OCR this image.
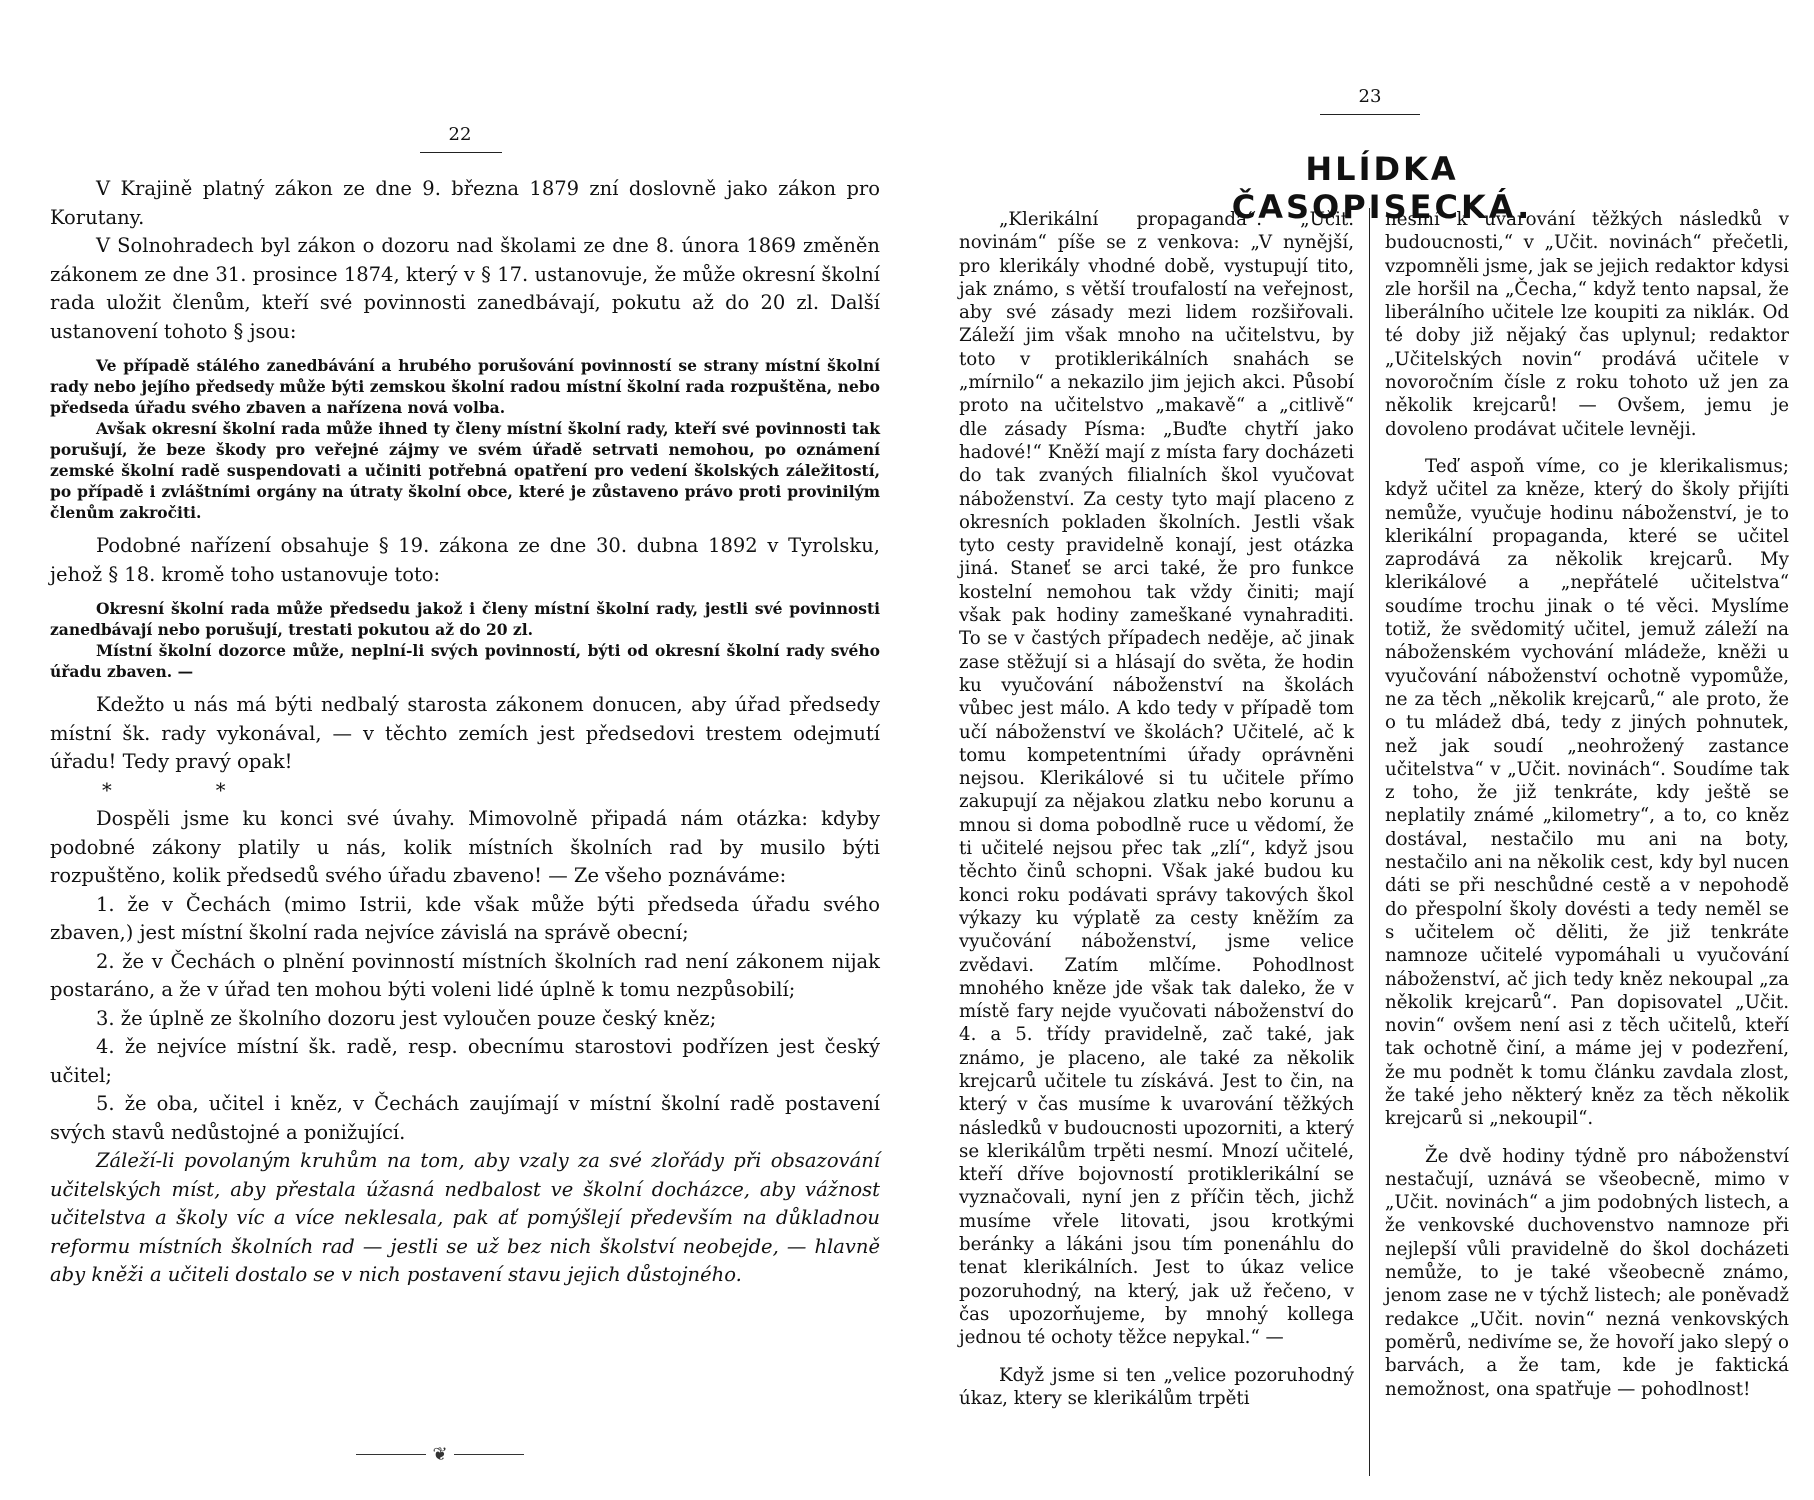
22

V Krajině platný zákon ze dne 9. března 1879 zní doslovně jako zákon pro Korutany.

V Solnohradech byl zákon o dozoru nad školami ze dne 8. února 1869 změněn zákonem ze dne 31. prosince 1874, který v § 17. ustanovuje, že může okresní školní rada uložit členům, kteří své povinnosti zanedbávají, pokutu až do 20 zl. Další ustanovení tohoto § jsou:

Ve případě stálého zanedbávání a hrubého porušování povinností se strany místní školní rady nebo jejího předsedy může býti zemskou školní radou místní školní rada rozpuštěna, nebo předseda úřadu svého zbaven a nařízena nová volba.

Avšak okresní školní rada může ihned ty členy místní školní rady, kteří své povinnosti tak porušují, že beze škody pro veřejné zájmy ve svém úřadě setrvati nemohou, po oznámení zemské školní radě suspendovati a učiniti potřebná opatření pro vedení školských záležitostí, po případě i zvláštními orgány na útraty školní obce, které je zůstaveno právo proti provinilým členům zakročiti.

Podobné nařízení obsahuje § 19. zákona ze dne 30. dubna 1892 v Tyrolsku, jehož § 18. kromě toho ustanovuje toto:

Okresní školní rada může předsedu jakož i členy místní školní rady, jestli své povinnosti zanedbávají nebo porušují, trestati pokutou až do 20 zl.

Místní školní dozorce může, neplní-li svých povinností, býti od okresní školní rady svého úřadu zbaven. —

Kdežto u nás má býti nedbalý starosta zákonem donucen, aby úřad předsedy místní šk. rady vykonával, — v těchto zemích jest předsedovi trestem odejmutí úřadu! Tedy pravý opak!

*	*

Dospěli jsme ku konci své úvahy. Mimovolně připadá nám otázka: kdyby podobné zákony platily u nás, kolik místních školních rad by musilo býti rozpuštěno, kolik předsedů svého úřadu zbaveno! — Ze všeho poznáváme:

1. že v Čechách (mimo Istrii, kde však může býti předseda úřadu svého zbaven,) jest místní školní rada nejvíce závislá na správě obecní;

2. že v Čechách o plnění povinností místních školních rad není zákonem nijak postaráno, a že v úřad ten mohou býti voleni lidé úplně k tomu nezpůsobilí;

3. že úplně ze školního dozoru jest vyloučen pouze český kněz;

4. že nejvíce místní šk. radě, resp. obecnímu starostovi podřízen jest český učitel;

5. že oba, učitel i kněz, v Čechách zaujímají v místní školní radě postavení svých stavů nedůstojné a ponižující.

Záleží-li povolaným kruhům na tom, aby vzaly za své zlořády při obsazování učitelských míst, aby přestala úžasná nedbalost ve školní docházce, aby vážnost učitelstva a školy víc a více neklesala, pak ať pomýšlejí především na důkladnou reformu místních školních rad — jestli se už bez nich školství neobejde, — hlavně aby kněži a učiteli dostalo se v nich postavení stavu jejich důstojného.

❦
23
HLÍDKA ČASOPISECKÁ.

„Klerikální propaganda“. „Učit. novinám“ píše se z venkova: „V nynější, pro klerikály vhodné době, vystupují tito, jak známo, s větší troufalostí na veřejnost, aby své zásady mezi lidem rozšiřovali. Záleží jim však mnoho na učitelstvu, by toto v protiklerikálních snahách se „mírnilo“ a nekazilo jim jejich akci. Působí proto na učitelstvo „makavě“ a „citlivě“ dle zásady Písma: „Buďte chytří jako hadové!“ Kněží mají z místa fary docházeti do tak zvaných filialních škol vyučovat náboženství. Za cesty tyto mají placeno z okresních pokladen školních. Jestli však tyto cesty pravidelně konají, jest otázka jiná. Staneť se arci také, že pro funkce kostelní nemohou tak vždy činiti; mají však pak hodiny zameškané vynahraditi. To se v častých případech neděje, ač jinak zase stěžují si a hlásají do světa, že hodin ku vyučování náboženství na školách vůbec jest málo. A kdo tedy v případě tom učí náboženství ve školách? Učitelé, ač k tomu kompetentními úřady oprávněni nejsou. Klerikálové si tu učitele přímo zakupují za nějakou zlatku nebo korunu a mnou si doma pobodlně ruce u vědomí, že ti učitelé nejsou přec tak „zlí“, když jsou těchto činů schopni. Však jaké budou ku konci roku podávati správy takových škol výkazy ku výplatě za cesty kněžím za vyučování náboženství, jsme velice zvědavi. Zatím mlčíme. Pohodlnost mnohého kněze jde však tak daleko, že v místě fary nejde vyučovati náboženství do 4. a 5. třídy pravidelně, zač také, jak známo, je placeno, ale také za několik krejcarů učitele tu získává. Jest to čin, na který v čas musíme k uvarování těžkých následků v budoucnosti upozorniti, a který se klerikálům trpěti nesmí. Mnozí učitelé, kteří dříve bojovností protiklerikální se vyznačovali, nyní jen z příčin těch, jichž musíme vřele litovati, jsou krotkými beránky a lákáni jsou tím ponenáhlu do tenat klerikálních. Jest to úkaz velice pozoruhodný, na který, jak už řečeno, v čas upozorňujeme, by mnohý kollega jednou té ochoty těžce nepykal.“ —

Když jsme si ten „velice pozoruhodný úkaz, ktery se klerikálům trpěti

nesmí k uvarování těžkých následků v budoucnosti,“ v „Učit. novinách“ přečetli, vzpomněli jsme, jak se jejich redaktor kdysi zle horšil na „Čecha,“ když tento napsal, že liberálního učitele lze koupiti za nikláк. Od té doby již nějaký čas uplynul; redaktor „Učitelských novin“ prodává učitele v novoročním čísle z roku tohoto už jen za několik krejcarů! — Ovšem, jemu je dovoleno prodávat učitele levněji.

Teď aspoň víme, co je klerikalismus; když učitel za kněze, který do školy přijíti nemůže, vyučuje hodinu náboženství, je to klerikální propaganda, které se učitel zaprodává za několik krejcarů. My klerikálové a „nepřátelé učitelstva“ soudíme trochu jinak o té věci. Myslíme totiž, že svědomitý učitel, jemuž záleží na náboženském vychování mládeže, kněži u vyučování náboženství ochotně vypomůže, ne za těch „několik krejcarů,“ ale proto, že o tu mládež dbá, tedy z jiných pohnutek, než jak soudí „neohrožený zastance učitelstva“ v „Učit. novinách“. Soudíme tak z toho, že již tenkráte, kdy ještě se neplatily známé „kilometry“, a to, co kněz dostával, nestačilo mu ani na boty, nestačilo ani na několik cest, kdy byl nucen dáti se při neschůdné cestě a v nepohodě do přespolní školy dovésti a tedy neměl se s učitelem oč děliti, že již tenkráte namnoze učitelé vypomáhali u vyučování náboženství, ač jich tedy kněz nekoupal „za několik krejcarů“. Pan dopisovatel „Učit. novin“ ovšem není asi z těch učitelů, kteří tak ochotně činí, a máme jej v podezření, že mu podnět k tomu článku zavdala zlost, že také jeho některý kněz za těch několik krejcarů si „nekoupil“.

Že dvě hodiny týdně pro náboženství nestačují, uznává se všeobecně, mimo v „Učit. novinách“ a jim podobných listech, a že venkovské duchovenstvo namnoze při nejlepší vůli pravidelně do škol docházeti nemůže, to je také všeobecně známo, jenom zase ne v týchž listech; ale poněvadž redakce „Učit. novin“ nezná venkovských poměrů, nedivíme se, že hovoří jako slepý o barvách, a že tam, kde je faktická nemožnost, ona spatřuje — pohodlnost!
